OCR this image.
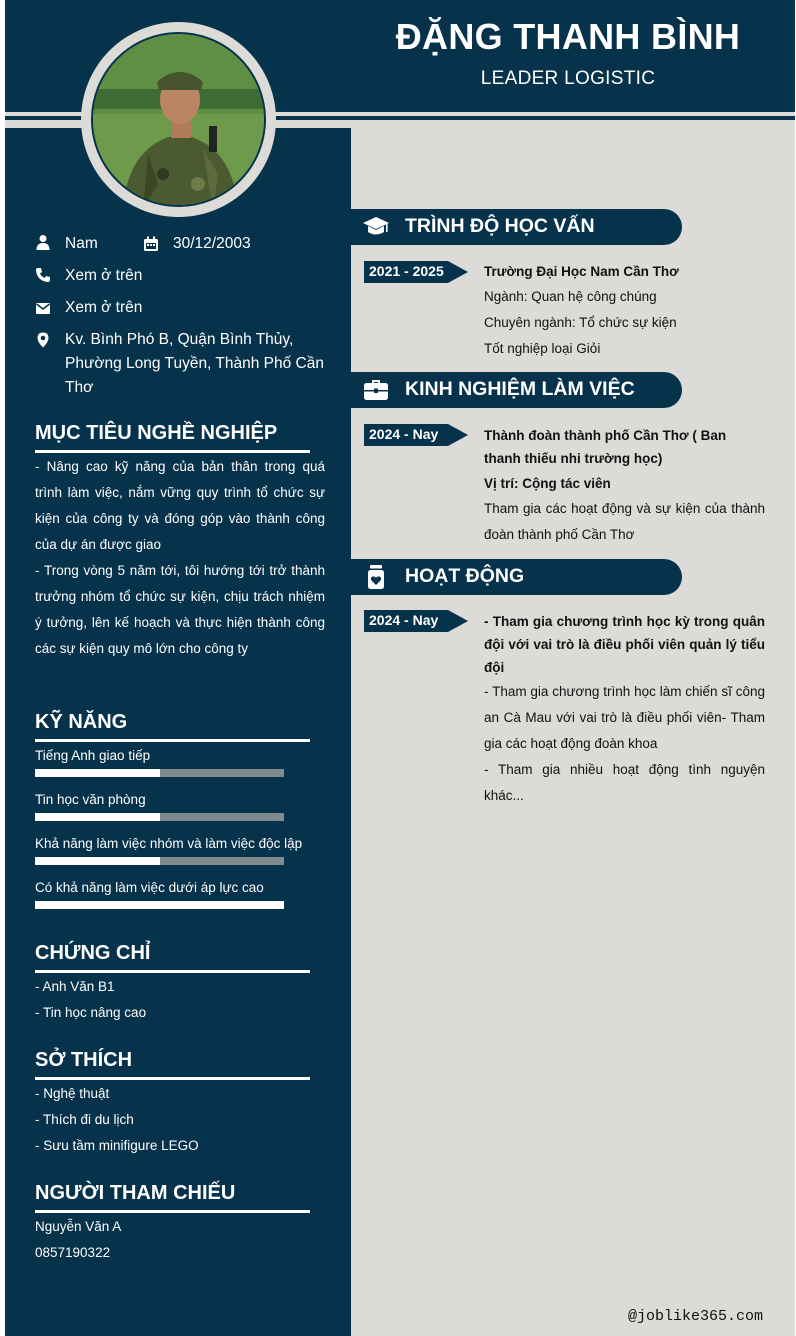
ĐẶNG THANH BÌNH
LEADER LOGISTIC
Nam	30/12/2003
Xem ở trên
Xem ở trên
Kv. Bình Phó B, Quận Bình Thủy, Phường Long Tuyền, Thành Phố Cần Thơ
MỤC TIÊU NGHỀ NGHIỆP
- Nâng cao kỹ năng của bản thân trong quá trình làm việc, nắm vững quy trình tổ chức sự kiện của công ty và đóng góp vào thành công của dự án được giao
- Trong vòng 5 năm tới, tôi hướng tới trở thành trưởng nhóm tổ chức sự kiện, chịu trách nhiệm ý tưởng, lên kế hoạch và thực hiện thành công các sự kiện quy mô lớn cho công ty
KỸ NĂNG
Tiếng Anh giao tiếp
Tin học văn phòng
Khả năng làm việc nhóm và làm việc độc lập
Có khả năng làm việc dưới áp lực cao
CHỨNG CHỈ
- Anh Văn B1
- Tin học nâng cao
SỞ THÍCH
- Nghệ thuật
- Thích đi du lịch
- Sưu tầm minifigure LEGO
NGƯỜI THAM CHIẾU
Nguyễn Văn A
0857190322
TRÌNH ĐỘ HỌC VẤN
2021 - 2025	Trường Đại Học Nam Cần Thơ
Ngành: Quan hệ công chúng
Chuyên ngành: Tổ chức sự kiện
Tốt nghiệp loại Giỏi
KINH NGHIỆM LÀM VIỆC
2024 - Nay	Thành đoàn thành phố Cần Thơ ( Ban thanh thiếu nhi trường học)
Vị trí: Cộng tác viên
Tham gia các hoạt động và sự kiện của thành đoàn thành phố Cần Thơ
HOẠT ĐỘNG
2024 - Nay	- Tham gia chương trình học kỳ trong quân đội với vai trò là điều phối viên quản lý tiểu đội
- Tham gia chương trình học làm chiến sĩ công an Cà Mau với vai trò là điều phối viên- Tham gia các hoạt động đoàn khoa
- Tham gia nhiều hoạt động tình nguyện khác...
@joblike365.com
